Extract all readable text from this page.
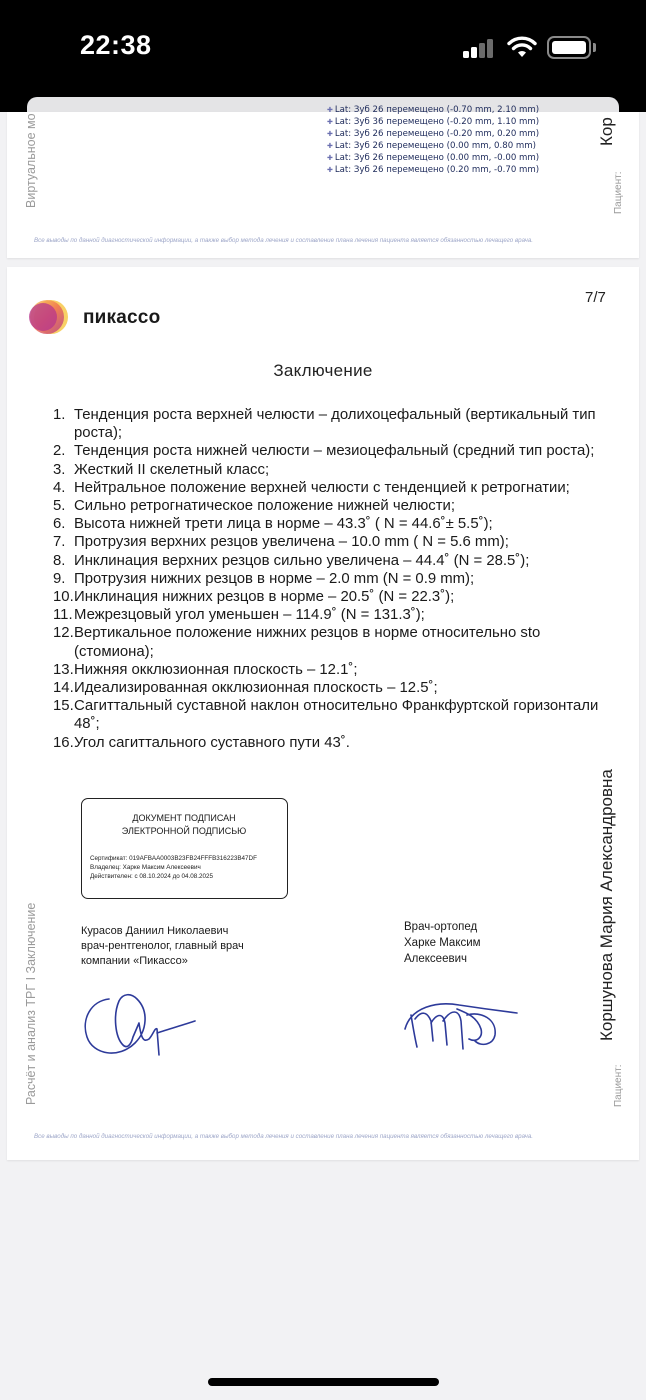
22:38
✚ Lat: Зуб 26 перемещено (-0.70 mm, 2.10 mm)
✚ Lat: Зуб 36 перемещено (-0.20 mm, 1.10 mm)
✚ Lat: Зуб 26 перемещено (-0.20 mm, 0.20 mm)
✚ Lat: Зуб 26 перемещено (0.00 mm, 0.80 mm)
✚ Lat: Зуб 26 перемещено (0.00 mm, -0.00 mm)
✚ Lat: Зуб 26 перемещено (0.20 mm, -0.70 mm)
Все выводы по данной диагностической информации, а также выбор метода лечения и составление плана лечения пациента является обязанностью лечащего врача.
Виртуальное мо	Пациент:
Кор
пикассо
7/7
Заключение
1. Тенденция роста верхней челюсти – долихоцефальный (вертикальный тип роста);
2. Тенденция роста нижней челюсти – мезиоцефальный (средний тип роста);
3. Жесткий II скелетный класс;
4. Нейтральное положение верхней челюсти с тенденцией к ретрогнатии;
5. Сильно ретрогнатическое положение нижней челюсти;
6. Высота нижней трети лица в норме – 43.3˚ ( N = 44.6˚± 5.5˚);
7. Протрузия верхних резцов увеличена – 10.0 mm ( N = 5.6 mm);
8. Инклинация верхних резцов сильно увеличена – 44.4˚ (N = 28.5˚);
9. Протрузия нижних резцов в норме – 2.0 mm (N = 0.9 mm);
10. Инклинация нижних резцов в норме – 20.5˚ (N = 22.3˚);
11. Межрезцовый угол уменьшен – 114.9˚ (N = 131.3˚);
12. Вертикальное положение нижних резцов в норме относительно sto (стомиона);
13. Нижняя окклюзионная плоскость – 12.1˚;
14. Идеализированная окклюзионная плоскость – 12.5˚;
15. Сагиттальный суставной наклон относительно Франкфуртской горизонтали 48˚;
16. Угол сагиттального суставного пути 43˚.
ДОКУМЕНТ ПОДПИСАН
ЭЛЕКТРОННОЙ ПОДПИСЬЮ
Сертификат: 019AFBAA0003B23FB24FFFB316223B47DF
Владелец: Харке Максим Алексеевич
Действителен: с 08.10.2024 до 04.08.2025
Курасов Даниил Николаевич
врач-рентгенолог, главный врач
компании «Пикассо»
Врач-ортопед
Харке Максим
Алексеевич
Все выводы по данной диагностической информации, а также выбор метода лечения и составление плана лечения пациента является обязанностью лечащего врача.
Расчёт и анализ ТРГ I Заключение	Пациент:
Коршунова Мария Александровна
